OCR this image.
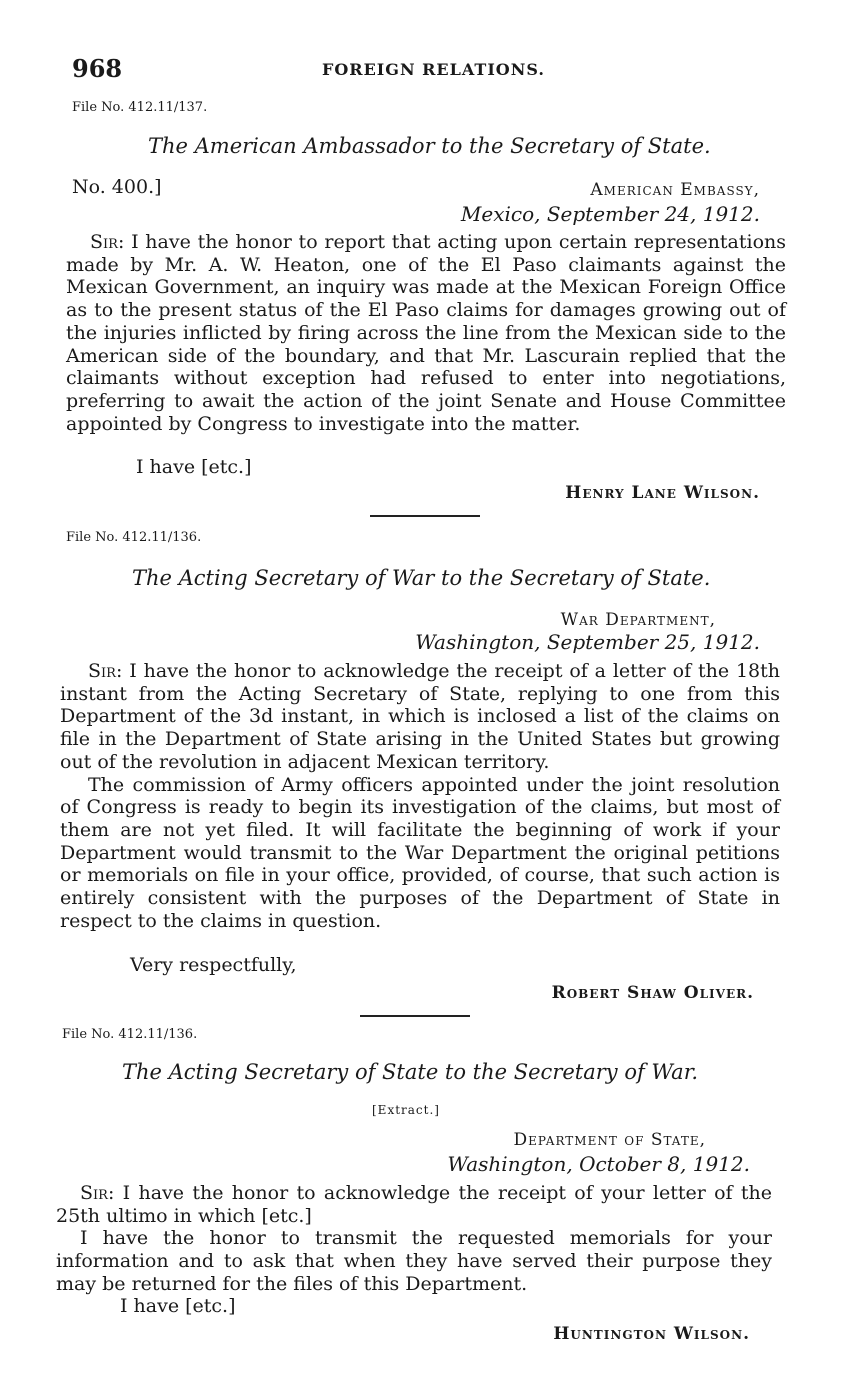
968	FOREIGN RELATIONS.
File No. 412.11/137.
The American Ambassador to the Secretary of State.
No. 400.]	American Embassy,
Mexico, September 24, 1912.

Sir: I have the honor to report that acting upon certain representations made by Mr. A. W. Heaton, one of the El Paso claimants against the Mexican Government, an inquiry was made at the Mexican Foreign Office as to the present status of the El Paso claims for damages growing out of the injuries inflicted by firing across the line from the Mexican side to the American side of the boundary, and that Mr. Lascurain replied that the claimants without exception had refused to enter into negotiations, preferring to await the action of the joint Senate and House Committee appointed by Congress to investigate into the matter.

I have [etc.]
Henry Lane Wilson.
File No. 412.11/136.
The Acting Secretary of War to the Secretary of State.
War Department,
Washington, September 25, 1912.

Sir: I have the honor to acknowledge the receipt of a letter of the 18th instant from the Acting Secretary of State, replying to one from this Department of the 3d instant, in which is inclosed a list of the claims on file in the Department of State arising in the United States but growing out of the revolution in adjacent Mexican territory.

The commission of Army officers appointed under the joint resolution of Congress is ready to begin its investigation of the claims, but most of them are not yet filed. It will facilitate the beginning of work if your Department would transmit to the War Department the original petitions or memorials on file in your office, provided, of course, that such action is entirely consistent with the purposes of the Department of State in respect to the claims in question.

Very respectfully,
Robert Shaw Oliver.
File No. 412.11/136.
The Acting Secretary of State to the Secretary of War.
[Extract.]
Department of State,
Washington, October 8, 1912.

Sir: I have the honor to acknowledge the receipt of your letter of the 25th ultimo in which [etc.]

I have the honor to transmit the requested memorials for your information and to ask that when they have served their purpose they may be returned for the files of this Department.

I have [etc.]
Huntington Wilson.
